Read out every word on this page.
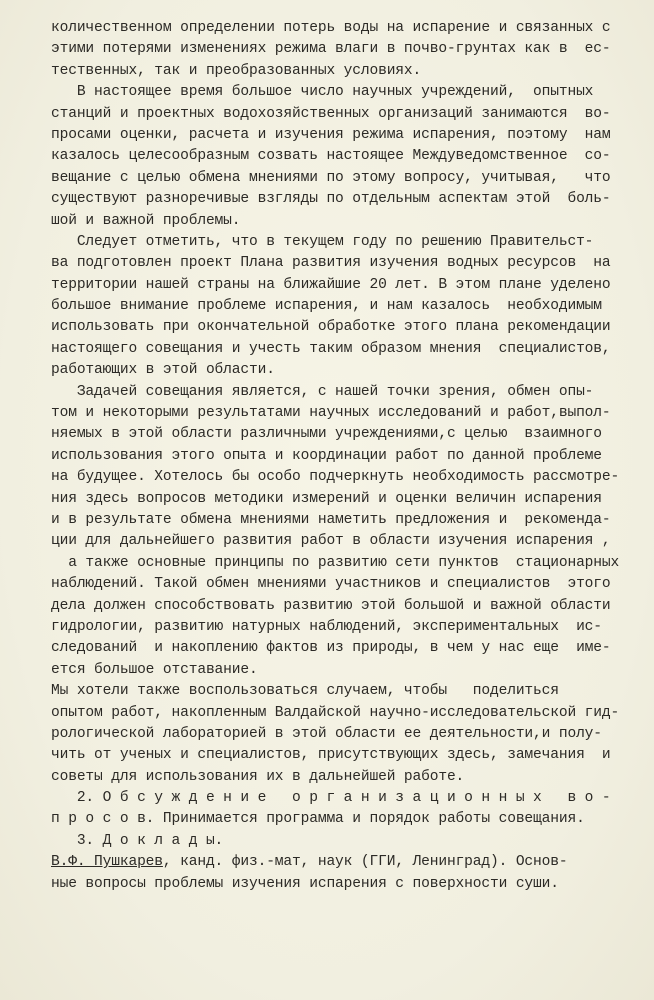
количественном определении потерь воды на испарение и связанных с
этими потерями изменениях режима влаги в почво-грунтах как в  ес-
тественных, так и преобразованных условиях.
В настоящее время большое число научных учреждений,  опытных
станций и проектных водохозяйственных организаций занимаются  во-
просами оценки, расчета и изучения режима испарения, поэтому  нам
казалось целесообразным созвать настоящее Междуведомственное  со-
вещание с целью обмена мнениями по этому вопросу, учитывая,   что
существуют разноречивые взгляды по отдельным аспектам этой  боль-
шой и важной проблемы.
Следует отметить, что в текущем году по решению Правительст-
ва подготовлен проект Плана развития изучения водных ресурсов  на
территории нашей страны на ближайшие 20 лет. В этом плане уделено
большое внимание проблеме испарения, и нам казалось  необходимым
использовать при окончательной обработке этого плана рекомендации
настоящего совещания и учесть таким образом мнения  специалистов,
работающих в этой области.
Задачей совещания является, с нашей точки зрения, обмен опы-
том и некоторыми результатами научных исследований и работ,выпол-
няемых в этой области различными учреждениями,с целью  взаимного
использования этого опыта и координации работ по данной проблеме
на будущее. Хотелось бы особо подчеркнуть необходимость рассмотре-
ния здесь вопросов методики измерений и оценки величин испарения
и в результате обмена мнениями наметить предложения и  рекоменда-
ции для дальнейшего развития работ в области изучения испарения ,
а также основные принципы по развитию сети пунктов  стационарных
наблюдений. Такой обмен мнениями участников и специалистов  этого
дела должен способствовать развитию этой большой и важной области
гидрологии, развитию натурных наблюдений, экспериментальных  ис-
следований  и накоплению фактов из природы, в чем у нас еще  име-
ется большое отставание.
Мы хотели также воспользоваться случаем, чтобы   поделиться
опытом работ, накопленным Валдайской научно-исследовательской гид-
рологической лабораторией в этой области ее деятельности,и полу-
чить от ученых и специалистов, присутствующих здесь, замечания  и
советы для использования их в дальнейшей работе.
2. О б с у ж д е н и е   о р г а н и з а ц и о н н ы х   в о -
п р о с о в. Принимается программа и порядок работы совещания.
3. Д о к л а д ы.
В.Ф. Пушкарев, канд. физ.-мат, наук (ГГИ, Ленинград). Основ-
ные вопросы проблемы изучения испарения с поверхности суши.
